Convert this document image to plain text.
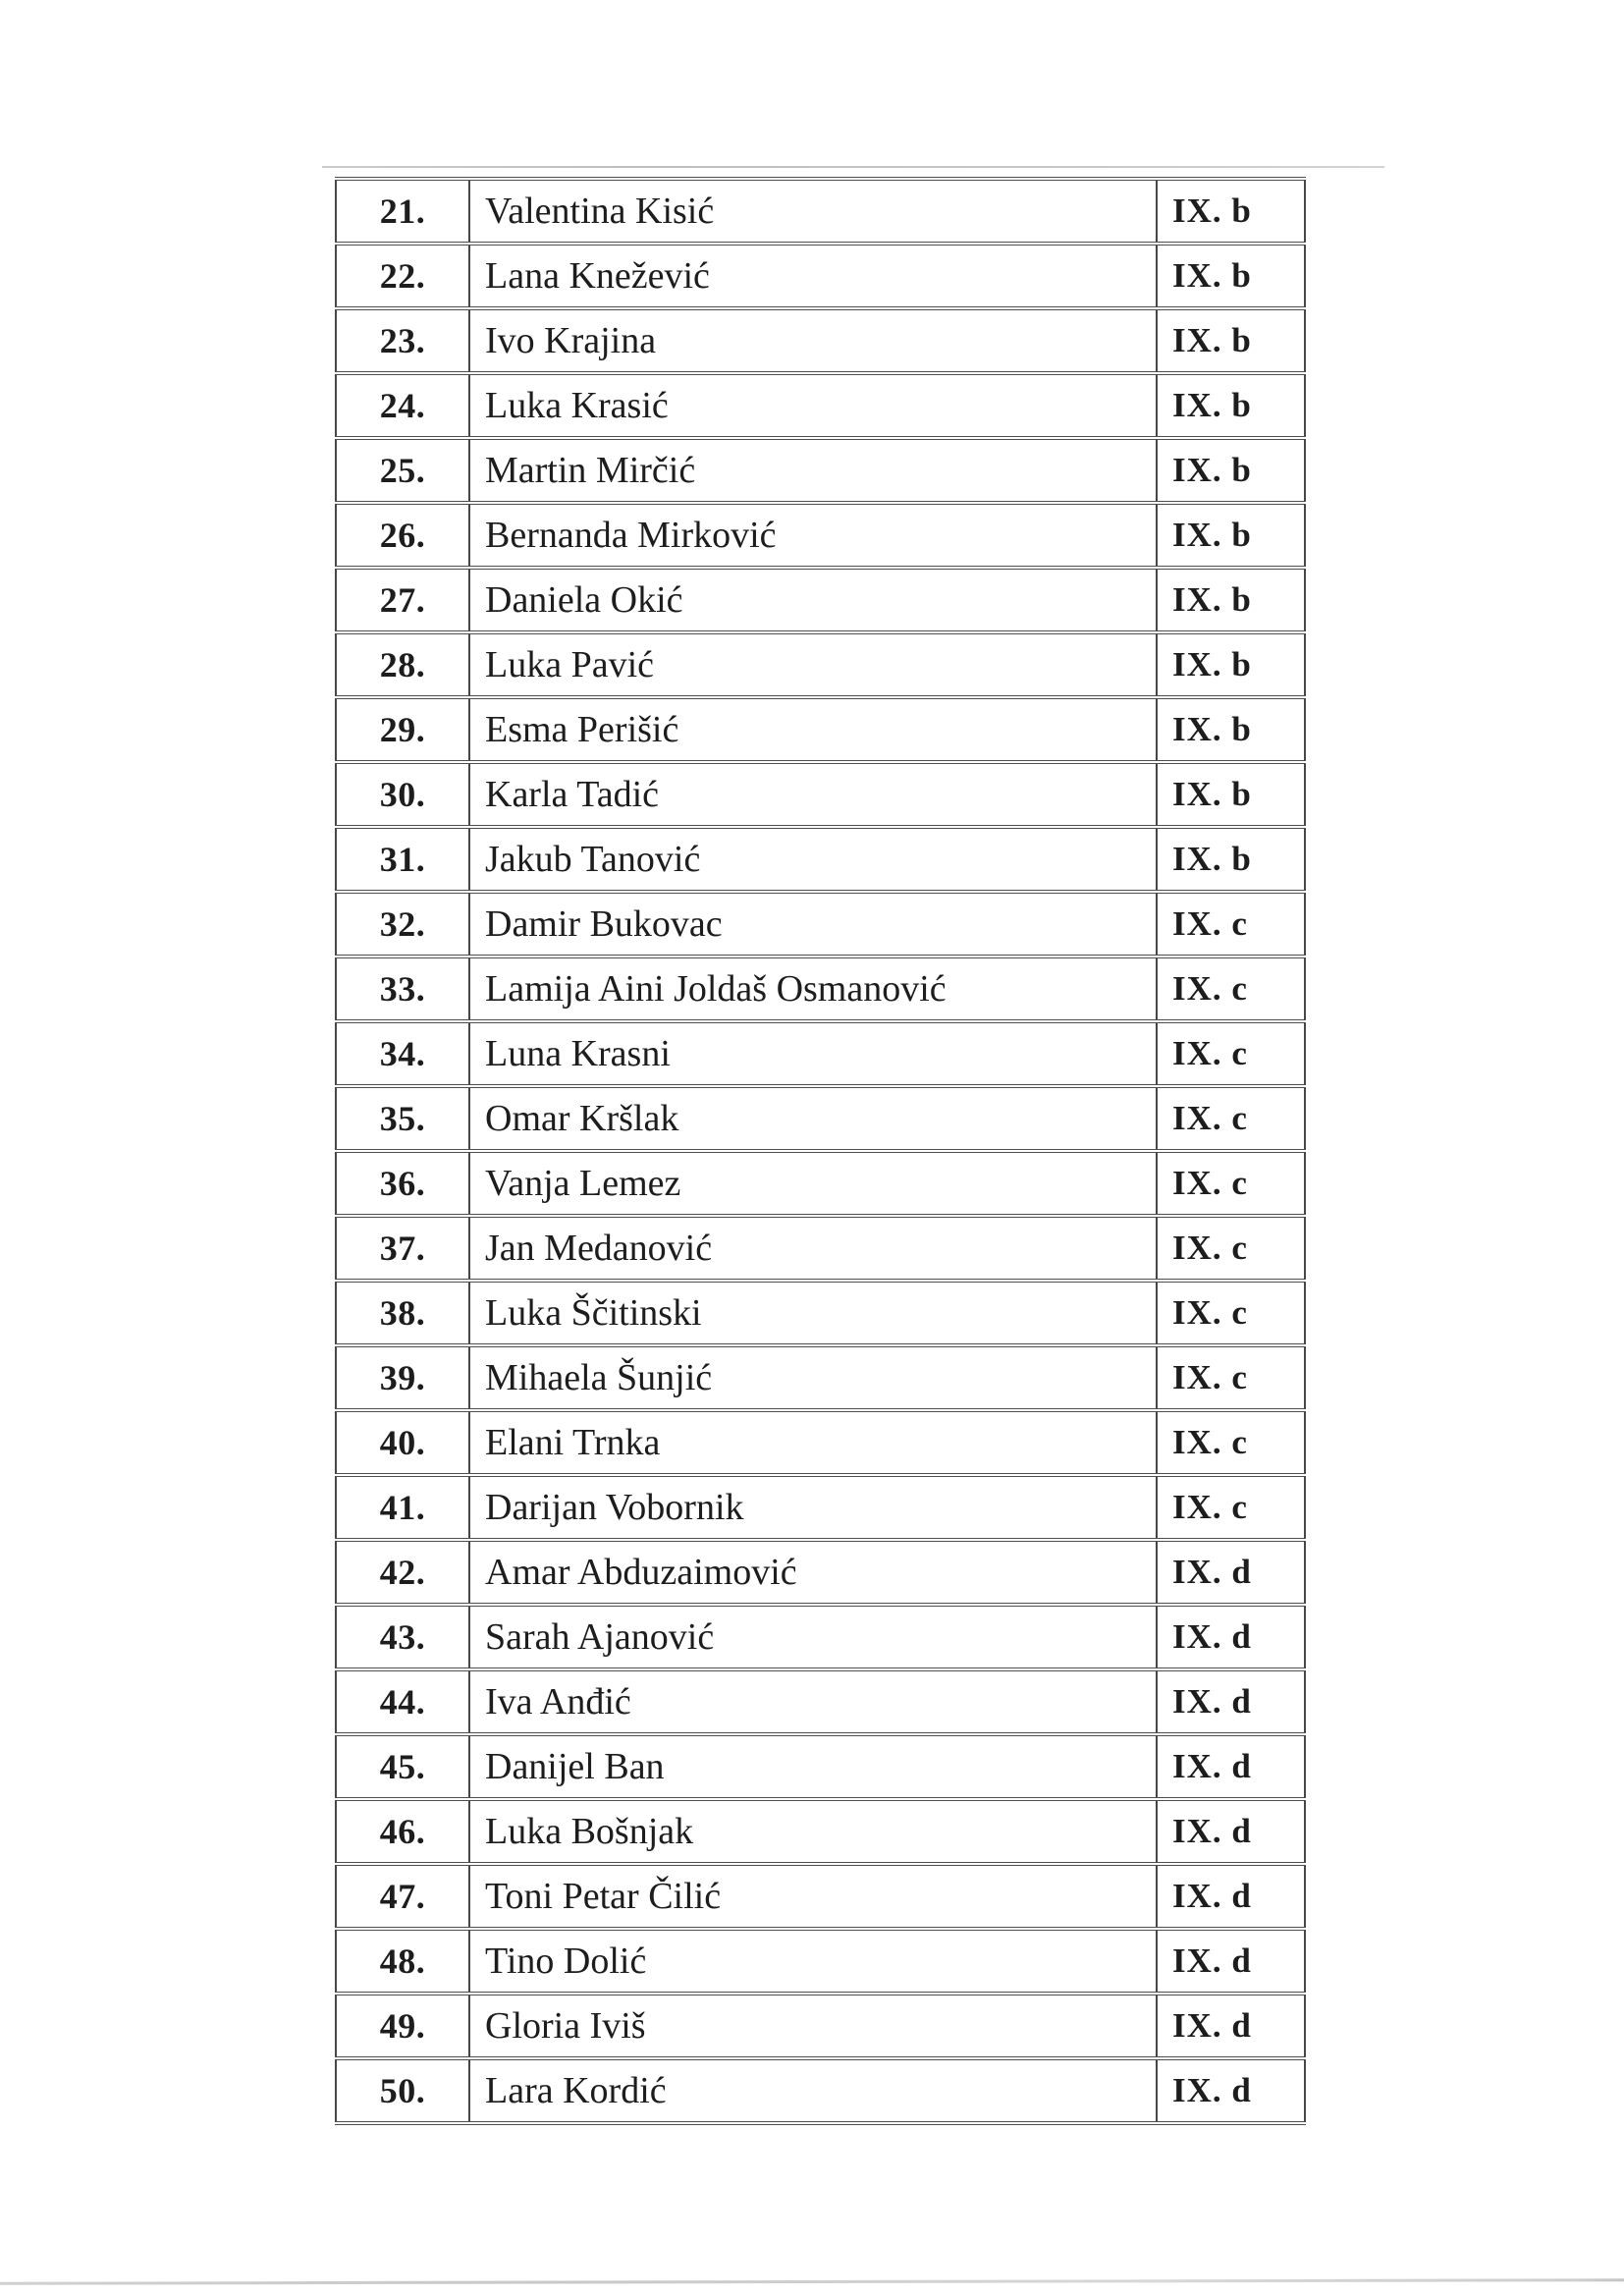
21.	Valentina Kisić	IX. b
22.	Lana Knežević	IX. b
23.	Ivo Krajina	IX. b
24.	Luka Krasić	IX. b
25.	Martin Mirčić	IX. b
26.	Bernanda Mirković	IX. b
27.	Daniela Okić	IX. b
28.	Luka Pavić	IX. b
29.	Esma Perišić	IX. b
30.	Karla Tadić	IX. b
31.	Jakub Tanović	IX. b
32.	Damir Bukovac	IX. c
33.	Lamija Aini Joldaš Osmanović	IX. c
34.	Luna Krasni	IX. c
35.	Omar Kršlak	IX. c
36.	Vanja Lemez	IX. c
37.	Jan Medanović	IX. c
38.	Luka Ščitinski	IX. c
39.	Mihaela Šunjić	IX. c
40.	Elani Trnka	IX. c
41.	Darijan Vobornik	IX. c
42.	Amar Abduzaimović	IX. d
43.	Sarah Ajanović	IX. d
44.	Iva Anđić	IX. d
45.	Danijel Ban	IX. d
46.	Luka Bošnjak	IX. d
47.	Toni Petar Čilić	IX. d
48.	Tino Dolić	IX. d
49.	Gloria Iviš	IX. d
50.	Lara Kordić	IX. d
